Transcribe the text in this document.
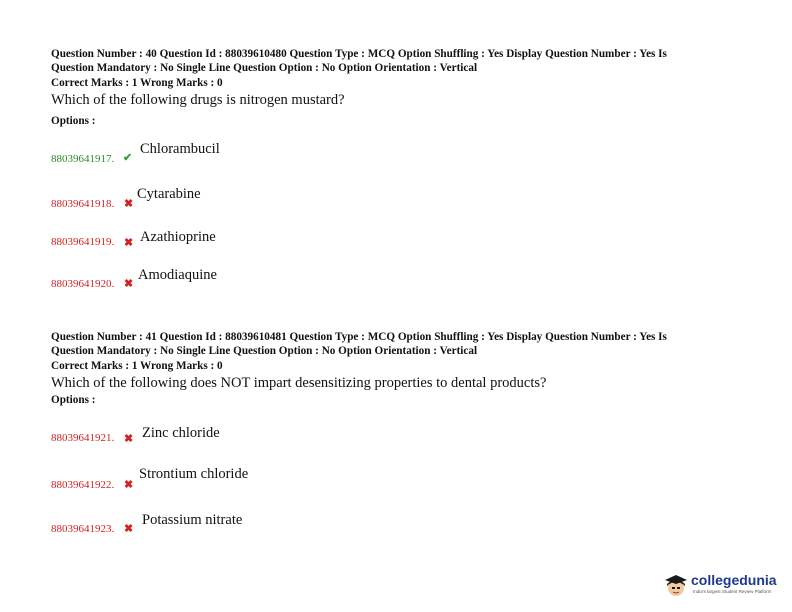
Question Number : 40 Question Id : 88039610480 Question Type : MCQ Option Shuffling : Yes Display Question Number : Yes Is
Question Mandatory : No Single Line Question Option : No Option Orientation : Vertical
Correct Marks : 1 Wrong Marks : 0
Which of the following drugs is nitrogen mustard?
Options :
88039641917. ✔
Chlorambucil
88039641918. ✖
Cytarabine
88039641919. ✖ Azathioprine
88039641920. ✖
Amodiaquine
Question Number : 41 Question Id : 88039610481 Question Type : MCQ Option Shuffling : Yes Display Question Number : Yes Is
Question Mandatory : No Single Line Question Option : No Option Orientation : Vertical
Correct Marks : 1 Wrong Marks : 0
Which of the following does NOT impart desensitizing properties to dental products?
Options :
88039641921. ✖ Zinc chloride
88039641922. ✖
Strontium chloride
88039641923. ✖
Potassium nitrate
collegedunia
India's largest Student Review Platform
